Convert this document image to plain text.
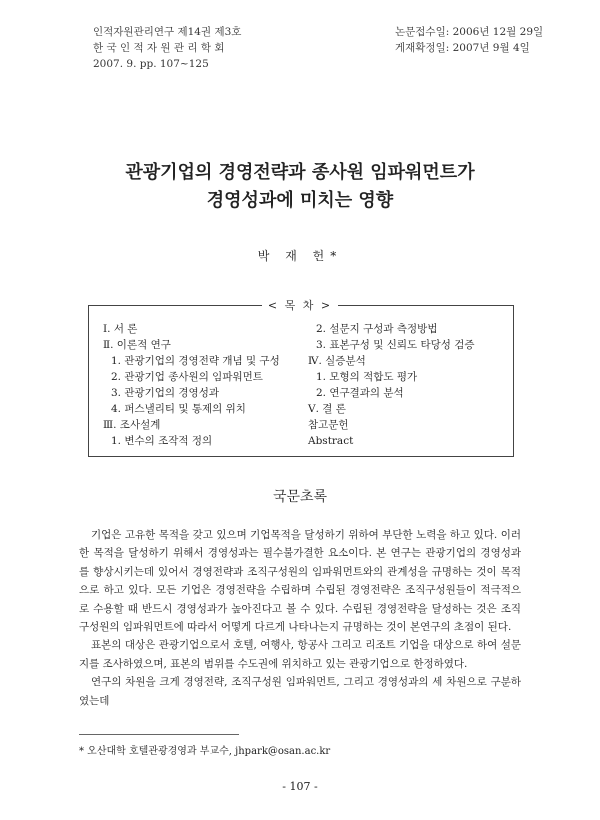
인적자원관리연구 제14권 제3호
한 국 인 적 자 원 관 리 학 회
2007. 9. pp. 107~125
논문접수일: 2006년 12월 29일
게재확정일: 2007년 9월 4일
관광기업의 경영전략과 종사원 임파워먼트가
경영성과에 미치는 영향
박 재 헌*
< 목 차 >
Ⅰ. 서 론
Ⅱ. 이론적 연구
1. 관광기업의 경영전략 개념 및 구성
2. 관광기업 종사원의 임파워먼트
3. 관광기업의 경영성과
4. 퍼스낼리티 및 통제의 위치
Ⅲ. 조사설계
1. 변수의 조작적 정의
2. 설문지 구성과 측정방법
3. 표본구성 및 신뢰도 타당성 검증
Ⅳ. 실증분석
1. 모형의 적합도 평가
2. 연구결과의 분석
Ⅴ. 결 론
참고문헌
Abstract
국문초록

기업은 고유한 목적을 갖고 있으며 기업목적을 달성하기 위하여 부단한 노력을 하고 있다. 이러한 목적을 달성하기 위해서 경영성과는 필수불가결한 요소이다. 본 연구는 관광기업의 경영성과를 향상시키는데 있어서 경영전략과 조직구성원의 임파워먼트와의 관계성을 규명하는 것이 목적으로 하고 있다. 모든 기업은 경영전략을 수립하며 수립된 경영전략은 조직구성원들이 적극적으로 수용할 때 반드시 경영성과가 높아진다고 볼 수 있다. 수립된 경영전략을 달성하는 것은 조직구성원의 임파워먼트에 따라서 어떻게 다르게 나타나는지 규명하는 것이 본연구의 초점이 된다.

표본의 대상은 관광기업으로서 호텔, 여행사, 항공사 그리고 리조트 기업을 대상으로 하여 설문지를 조사하였으며, 표본의 범위를 수도권에 위치하고 있는 관광기업으로 한정하였다.

연구의 차원을 크게 경영전략, 조직구성원 임파워먼트, 그리고 경영성과의 세 차원으로 구분하였는데

* 오산대학 호텔관광경영과 부교수, jhpark@osan.ac.kr
- 107 -
